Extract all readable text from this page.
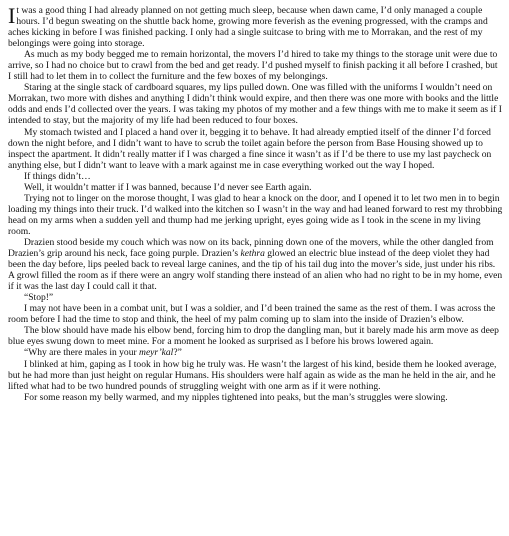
It was a good thing I had already planned on not getting much sleep, because when dawn came, I’d only managed a couple hours. I’d begun sweating on the shuttle back home, growing more feverish as the evening progressed, with the cramps and aches kicking in before I was finished packing. I only had a single suitcase to bring with me to Morrakan, and the rest of my belongings were going into storage.

As much as my body begged me to remain horizontal, the movers I’d hired to take my things to the storage unit were due to arrive, so I had no choice but to crawl from the bed and get ready. I’d pushed myself to finish packing it all before I crashed, but I still had to let them in to collect the furniture and the few boxes of my belongings.

Staring at the single stack of cardboard squares, my lips pulled down. One was filled with the uniforms I wouldn’t need on Morrakan, two more with dishes and anything I didn’t think would expire, and then there was one more with books and the little odds and ends I’d collected over the years. I was taking my photos of my mother and a few things with me to make it seem as if I intended to stay, but the majority of my life had been reduced to four boxes.

My stomach twisted and I placed a hand over it, begging it to behave. It had already emptied itself of the dinner I’d forced down the night before, and I didn’t want to have to scrub the toilet again before the person from Base Housing showed up to inspect the apartment. It didn’t really matter if I was charged a fine since it wasn’t as if I’d be there to use my last paycheck on anything else, but I didn’t want to leave with a mark against me in case everything worked out the way I hoped.

If things didn’t…

Well, it wouldn’t matter if I was banned, because I’d never see Earth again.

Trying not to linger on the morose thought, I was glad to hear a knock on the door, and I opened it to let two men in to begin loading my things into their truck. I’d walked into the kitchen so I wasn’t in the way and had leaned forward to rest my throbbing head on my arms when a sudden yell and thump had me jerking upright, eyes going wide as I took in the scene in my living room.

Drazien stood beside my couch which was now on its back, pinning down one of the movers, while the other dangled from Drazien’s grip around his neck, face going purple. Drazien’s kethra glowed an electric blue instead of the deep violet they had been the day before, lips peeled back to reveal large canines, and the tip of his tail dug into the mover’s side, just under his ribs. A growl filled the room as if there were an angry wolf standing there instead of an alien who had no right to be in my home, even if it was the last day I could call it that.

“Stop!”

I may not have been in a combat unit, but I was a soldier, and I’d been trained the same as the rest of them. I was across the room before I had the time to stop and think, the heel of my palm coming up to slam into the inside of Drazien’s elbow.

The blow should have made his elbow bend, forcing him to drop the dangling man, but it barely made his arm move as deep blue eyes swung down to meet mine. For a moment he looked as surprised as I before his brows lowered again.

“Why are there males in your meyr’kal?”

I blinked at him, gaping as I took in how big he truly was. He wasn’t the largest of his kind, beside them he looked average, but he had more than just height on regular Humans. His shoulders were half again as wide as the man he held in the air, and he lifted what had to be two hundred pounds of struggling weight with one arm as if it were nothing.

For some reason my belly warmed, and my nipples tightened into peaks, but the man’s struggles were slowing.
